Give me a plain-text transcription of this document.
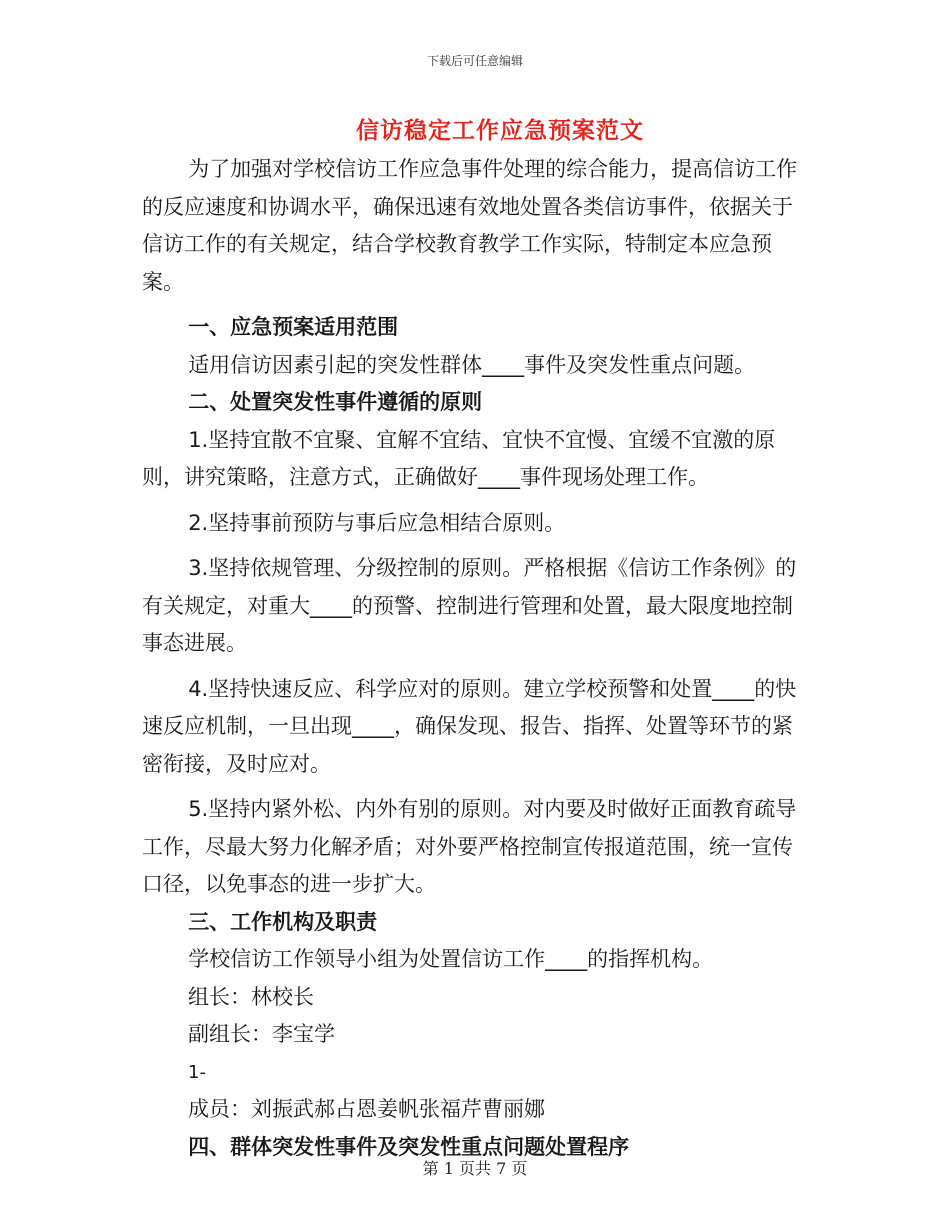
下载后可任意编辑
信访稳定工作应急预案范文

为了加强对学校信访工作应急事件处理的综合能力，提高信访工作的反应速度和协调水平，确保迅速有效地处置各类信访事件，依据关于信访工作的有关规定，结合学校教育教学工作实际，特制定本应急预案。

一、应急预案适用范围

适用信访因素引起的突发性群体____事件及突发性重点问题。

二、处置突发性事件遵循的原则

1.坚持宜散不宜聚、宜解不宜结、宜快不宜慢、宜缓不宜激的原则，讲究策略，注意方式，正确做好____事件现场处理工作。

2.坚持事前预防与事后应急相结合原则。

3.坚持依规管理、分级控制的原则。严格根据《信访工作条例》的有关规定，对重大____的预警、控制进行管理和处置，最大限度地控制事态进展。

4.坚持快速反应、科学应对的原则。建立学校预警和处置____的快速反应机制，一旦出现____，确保发现、报告、指挥、处置等环节的紧密衔接，及时应对。

5.坚持内紧外松、内外有别的原则。对内要及时做好正面教育疏导工作，尽最大努力化解矛盾；对外要严格控制宣传报道范围，统一宣传口径，以免事态的进一步扩大。

三、工作机构及职责

学校信访工作领导小组为处置信访工作____的指挥机构。

组长：林校长

副组长：李宝学

1-

成员：刘振武郝占恩姜帆张福芹曹丽娜

四、群体突发性事件及突发性重点问题处置程序

第 1 页共 7 页
